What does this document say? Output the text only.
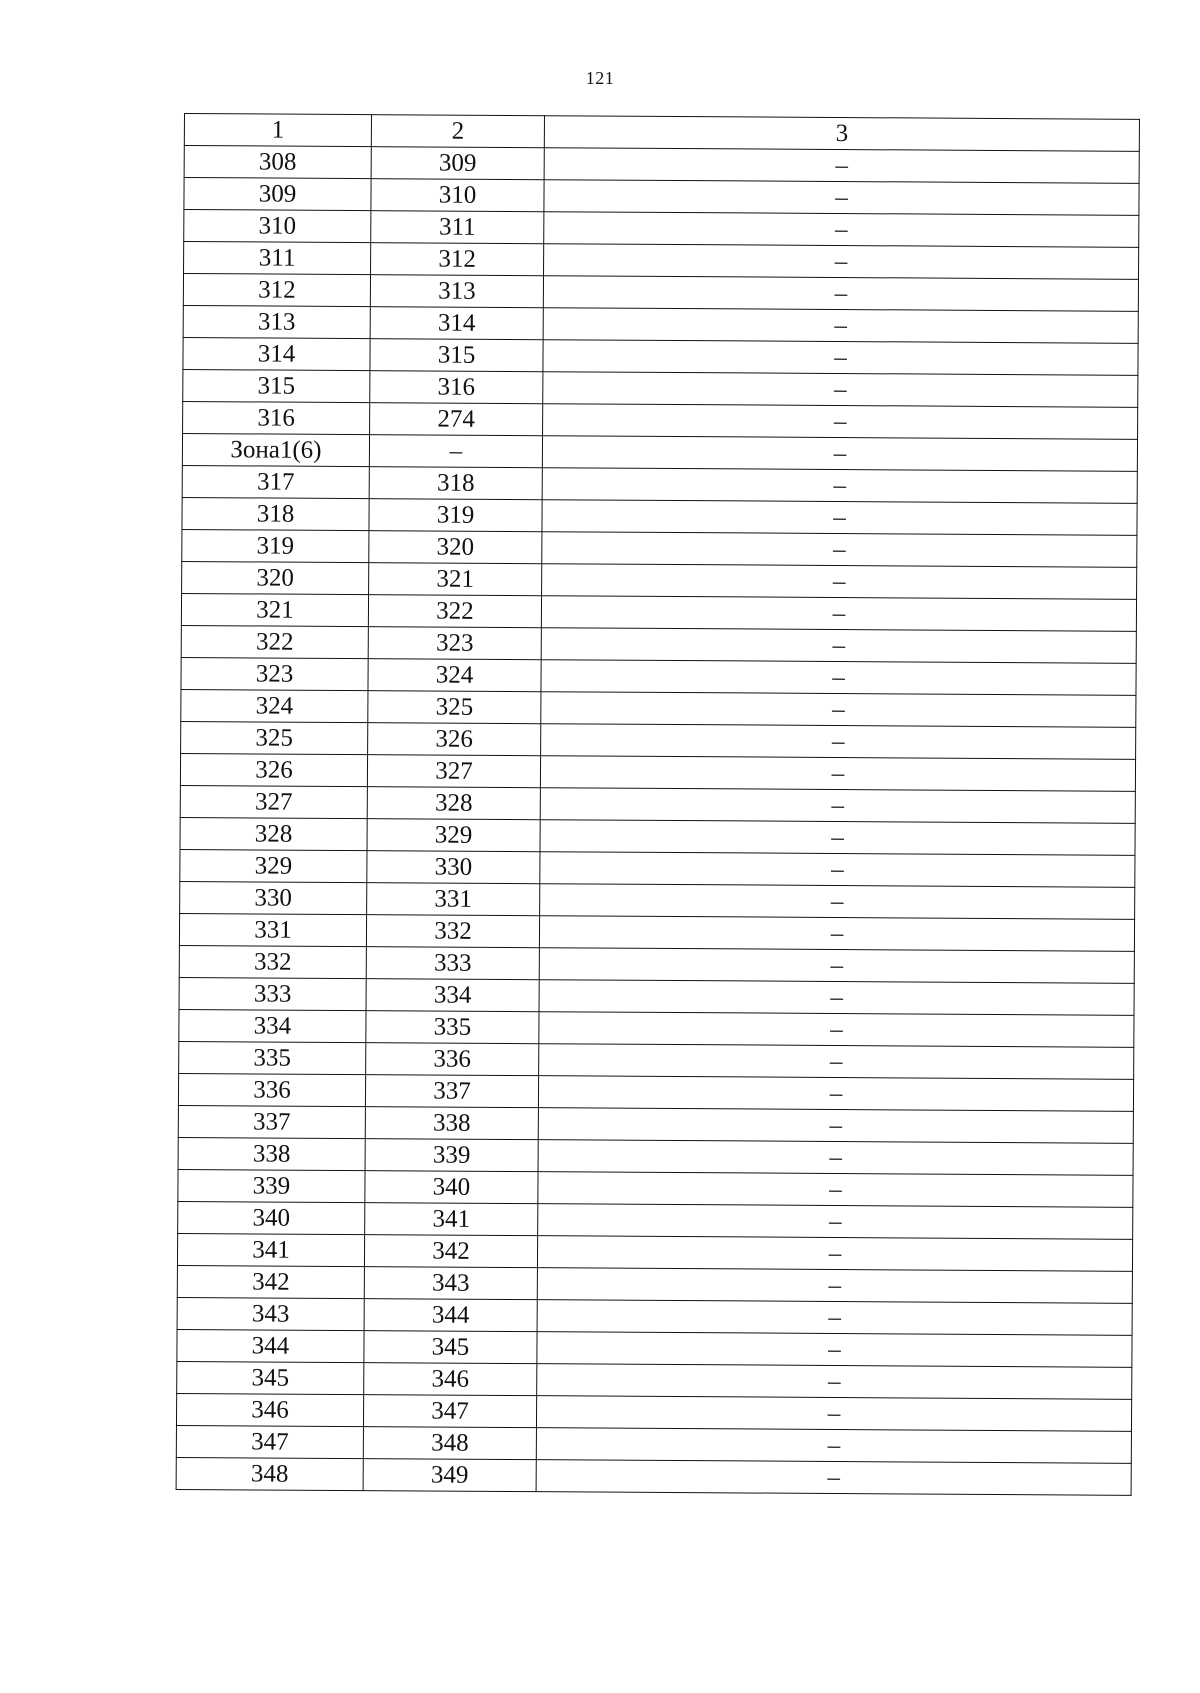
121
1	2	3
308	309	–
309	310	–
310	311	–
311	312	–
312	313	–
313	314	–
314	315	–
315	316	–
316	274	–
Зона1(6)	–	–
317	318	–
318	319	–
319	320	–
320	321	–
321	322	–
322	323	–
323	324	–
324	325	–
325	326	–
326	327	–
327	328	–
328	329	–
329	330	–
330	331	–
331	332	–
332	333	–
333	334	–
334	335	–
335	336	–
336	337	–
337	338	–
338	339	–
339	340	–
340	341	–
341	342	–
342	343	–
343	344	–
344	345	–
345	346	–
346	347	–
347	348	–
348	349	–
